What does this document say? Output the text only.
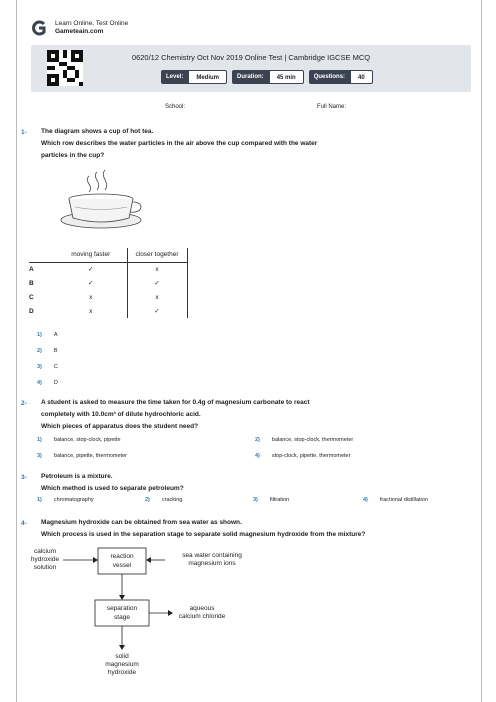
Learn Online, Test Online
Gameteain.com
0620/12 Chemistry Oct Nov 2019 Online Test | Cambridge IGCSE MCQ
Level:	Medium	Duration:	45 min	Questions:	40
School:	Full Name:
1- The diagram shows a cup of hot tea.
Which row describes the water particles in the air above the cup compared with the water
particles in the cup?
	moving faster	closer together
A	✓	x
B	✓	✓
C	x	x
D	x	✓
1) A
2) B
3) C
4) D
2- A student is asked to measure the time taken for 0.4g of magnesium carbonate to react
completely with 10.0cm³ of dilute hydrochloric acid.
Which pieces of apparatus does the student need?
1) balance, stop-clock, pipette	2) balance, stop-clock, thermometer
3) balance, pipette, thermometer	4) stop-clock, pipette, thermometer
3- Petroleum is a mixture.
Which method is used to separate petroleum?
1) chromatography	2) cracking	3) filtration	4) fractional distillation
4- Magnesium hydroxide can be obtained from sea water as shown.
Which process is used in the separation stage to separate solid magnesium hydroxide from the mixture?
calcium
hydroxide
solution
reaction
vessel
sea water containing
magnesium ions
separation
stage
aqueous
calcium chloride
solid
magnesium
hydroxide
